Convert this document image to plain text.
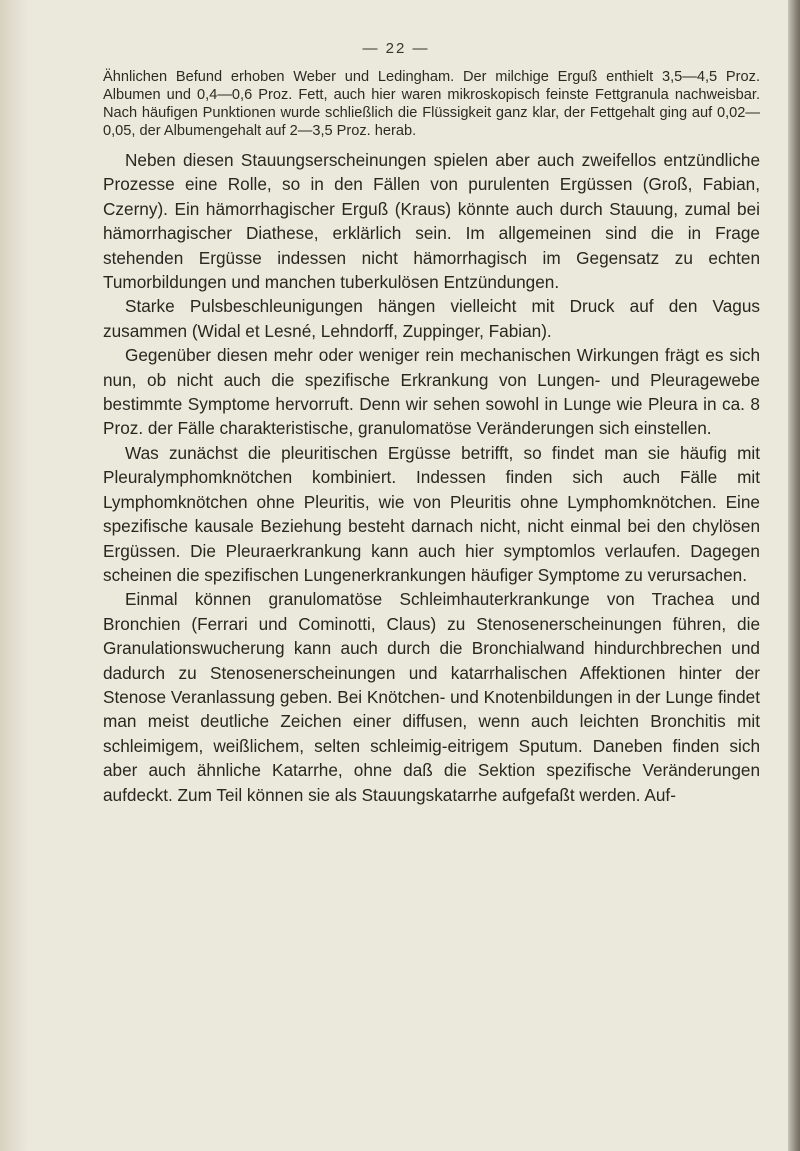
— 22 —

Ähnlichen Befund erhoben Weber und Ledingham. Der milchige Erguß enthielt 3,5—4,5 Proz. Albumen und 0,4—0,6 Proz. Fett, auch hier waren mikroskopisch feinste Fettgranula nachweisbar. Nach häufigen Punktionen wurde schließlich die Flüssigkeit ganz klar, der Fettgehalt ging auf 0,02—0,05, der Albumengehalt auf 2—3,5 Proz. herab.

Neben diesen Stauungserscheinungen spielen aber auch zweifellos entzündliche Prozesse eine Rolle, so in den Fällen von purulenten Ergüssen (Groß, Fabian, Czerny). Ein hämorrhagischer Erguß (Kraus) könnte auch durch Stauung, zumal bei hämorrhagischer Diathese, erklärlich sein. Im allgemeinen sind die in Frage stehenden Ergüsse indessen nicht hämorrhagisch im Gegensatz zu echten Tumorbildungen und manchen tuberkulösen Entzündungen.

Starke Pulsbeschleunigungen hängen vielleicht mit Druck auf den Vagus zusammen (Widal et Lesné, Lehndorff, Zuppinger, Fabian).

Gegenüber diesen mehr oder weniger rein mechanischen Wirkungen frägt es sich nun, ob nicht auch die spezifische Erkrankung von Lungen- und Pleuragewebe bestimmte Symptome hervorruft. Denn wir sehen sowohl in Lunge wie Pleura in ca. 8 Proz. der Fälle charakteristische, granulomatöse Veränderungen sich einstellen.

Was zunächst die pleuritischen Ergüsse betrifft, so findet man sie häufig mit Pleuralymphomknötchen kombiniert. Indessen finden sich auch Fälle mit Lymphomknötchen ohne Pleuritis, wie von Pleuritis ohne Lymphomknötchen. Eine spezifische kausale Beziehung besteht darnach nicht, nicht einmal bei den chylösen Ergüssen. Die Pleuraerkrankung kann auch hier symptomlos verlaufen. Dagegen scheinen die spezifischen Lungenerkrankungen häufiger Symptome zu verursachen.

Einmal können granulomatöse Schleimhauterkrankunge von Trachea und Bronchien (Ferrari und Cominotti, Claus) zu Stenosenerscheinungen führen, die Granulationswucherung kann auch durch die Bronchialwand hindurchbrechen und dadurch zu Stenosenerscheinungen und katarrhalischen Affektionen hinter der Stenose Veranlassung geben. Bei Knötchen- und Knotenbildungen in der Lunge findet man meist deutliche Zeichen einer diffusen, wenn auch leichten Bronchitis mit schleimigem, weißlichem, selten schleimig-eitrigem Sputum. Daneben finden sich aber auch ähnliche Katarrhe, ohne daß die Sektion spezifische Veränderungen aufdeckt. Zum Teil können sie als Stauungskatarrhe aufgefaßt werden. Auf-
